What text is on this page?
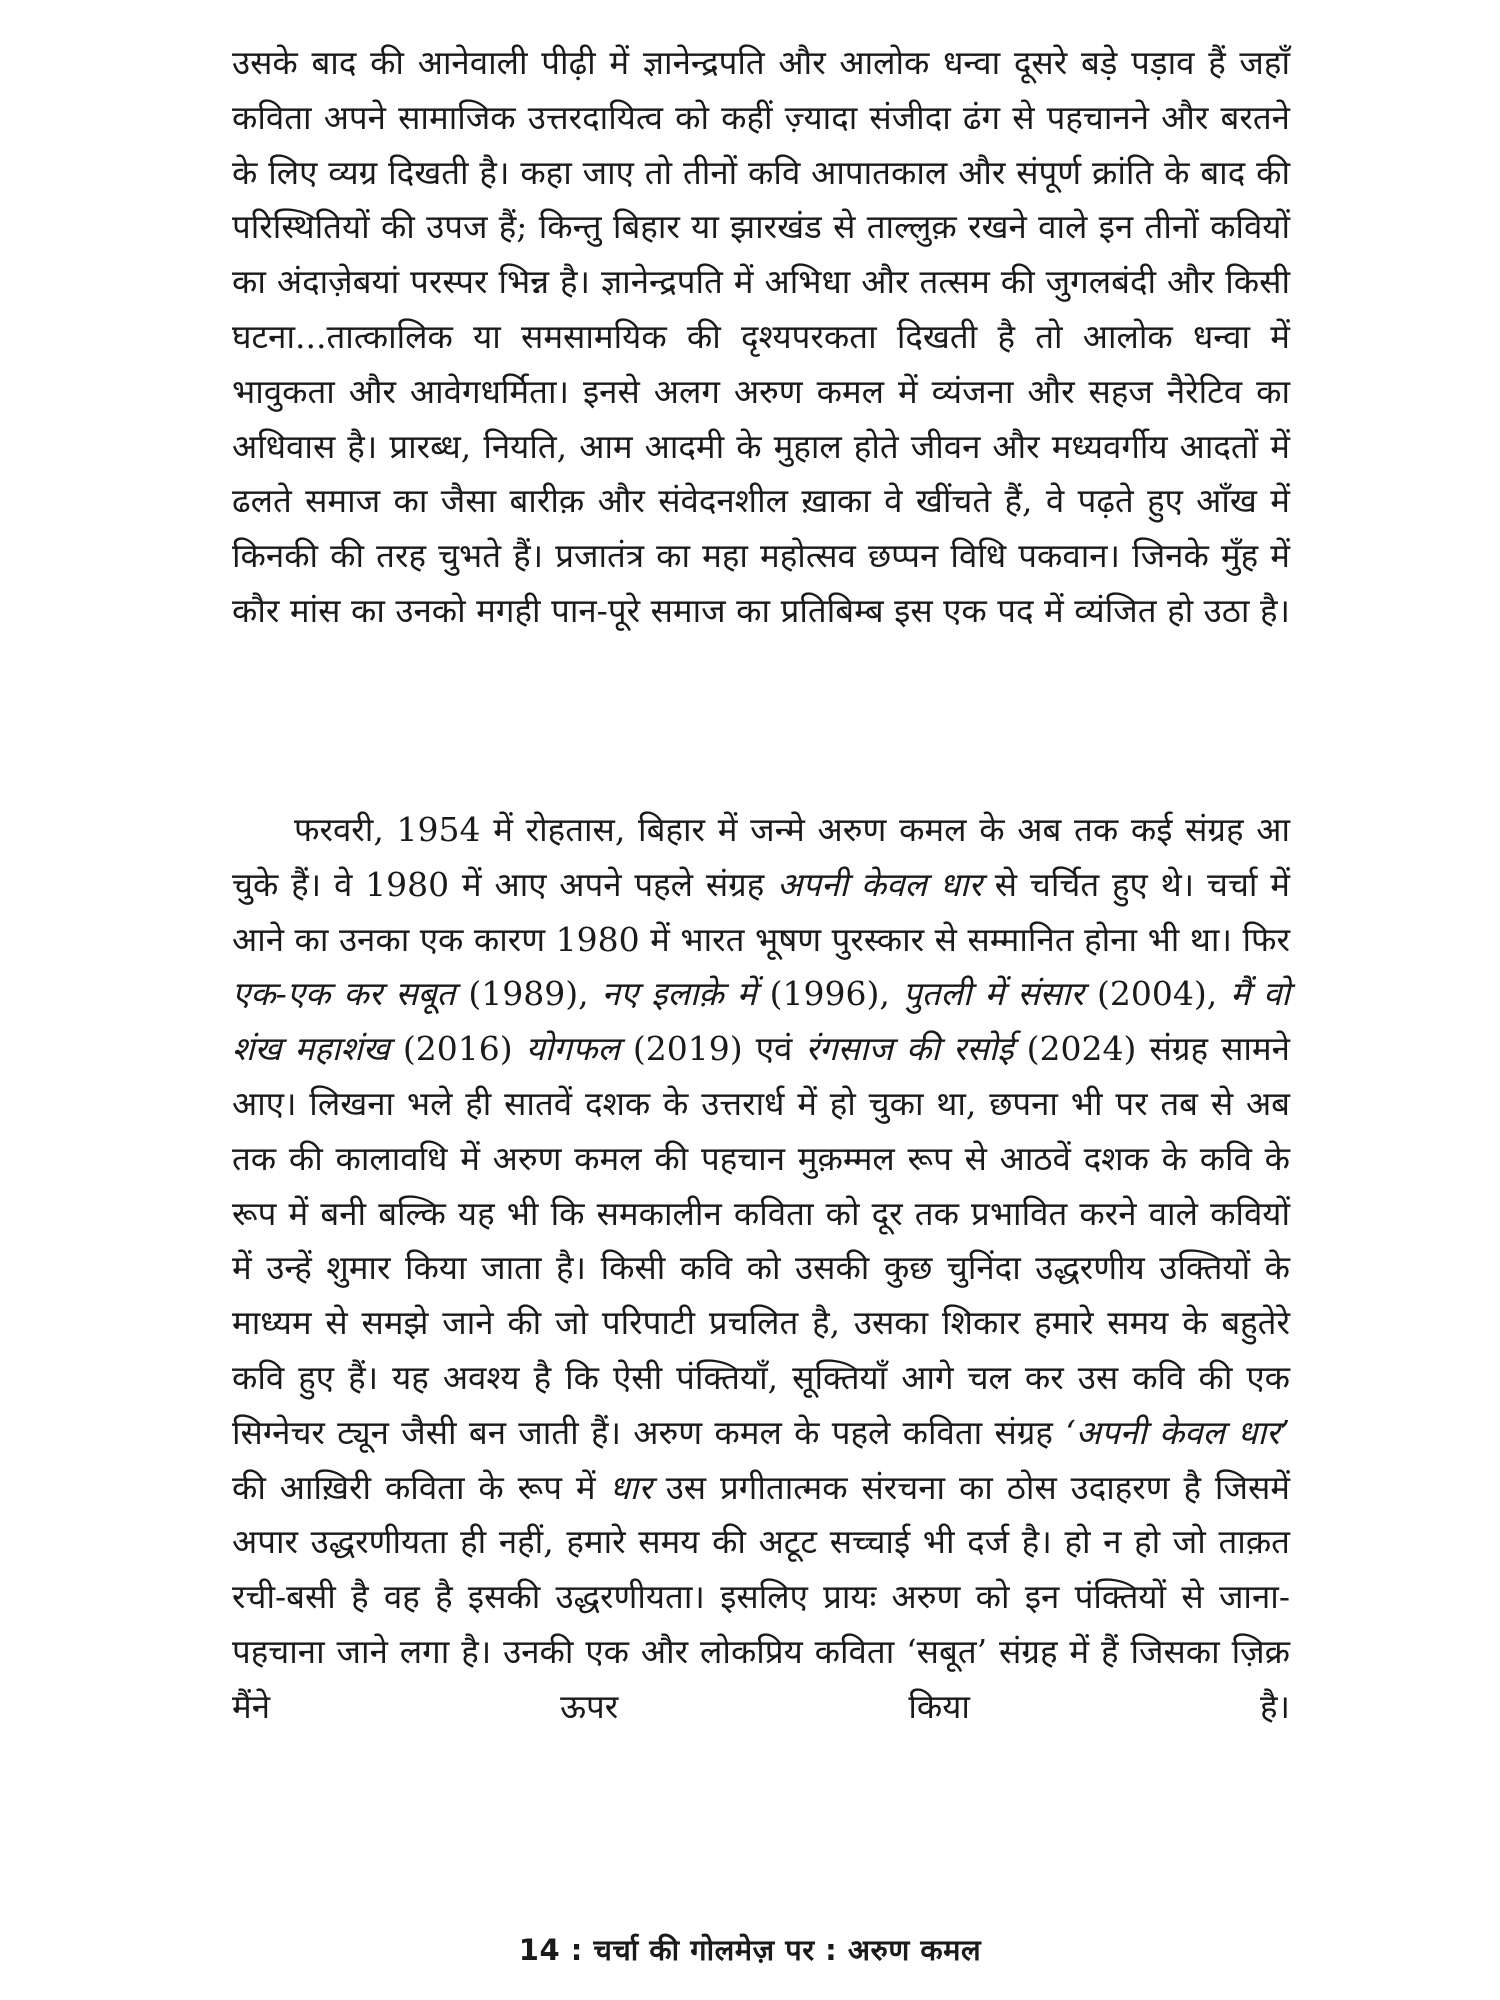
उसके बाद की आनेवाली पीढ़ी में ज्ञानेन्द्रपति और आलोक धन्वा दूसरे बड़े पड़ाव हैं जहाँ कविता अपने सामाजिक उत्तरदायित्व को कहीं ज़्यादा संजीदा ढंग से पहचानने और बरतने के लिए व्यग्र दिखती है। कहा जाए तो तीनों कवि आपातकाल और संपूर्ण क्रांति के बाद की परिस्थितियों की उपज हैं; किन्तु बिहार या झारखंड से ताल्लुक़ रखने वाले इन तीनों कवियों का अंदाज़ेबयां परस्पर भिन्न है। ज्ञानेन्द्रपति में अभिधा और तत्सम की जुगलबंदी और किसी घटना...तात्कालिक या समसामयिक की दृश्यपरकता दिखती है तो आलोक धन्वा में भावुकता और आवेगधर्मिता। इनसे अलग अरुण कमल में व्यंजना और सहज नैरेटिव का अधिवास है। प्रारब्ध, नियति, आम आदमी के मुहाल होते जीवन और मध्यवर्गीय आदतों में ढलते समाज का जैसा बारीक़ और संवेदनशील ख़ाका वे खींचते हैं, वे पढ़ते हुए आँख में किनकी की तरह चुभते हैं। प्रजातंत्र का महा महोत्सव छप्पन विधि पकवान। जिनके मुँह में कौर मांस का उनको मगही पान-पूरे समाज का प्रतिबिम्ब इस एक पद में व्यंजित हो उठा है।

फरवरी, 1954 में रोहतास, बिहार में जन्मे अरुण कमल के अब तक कई संग्रह आ चुके हैं। वे 1980 में आए अपने पहले संग्रह अपनी केवल धार से चर्चित हुए थे। चर्चा में आने का उनका एक कारण 1980 में भारत भूषण पुरस्कार से सम्मानित होना भी था। फिर एक-एक कर सबूत (1989), नए इलाक़े में (1996), पुतली में संसार (2004), मैं वो शंख महाशंख (2016) योगफल (2019) एवं रंगसाज की रसोई (2024) संग्रह सामने आए। लिखना भले ही सातवें दशक के उत्तरार्ध में हो चुका था, छपना भी पर तब से अब तक की कालावधि में अरुण कमल की पहचान मुक़म्मल रूप से आठवें दशक के कवि के रूप में बनी बल्कि यह भी कि समकालीन कविता को दूर तक प्रभावित करने वाले कवियों में उन्हें शुमार किया जाता है। किसी कवि को उसकी कुछ चुनिंदा उद्धरणीय उक्तियों के माध्यम से समझे जाने की जो परिपाटी प्रचलित है, उसका शिकार हमारे समय के बहुतेरे कवि हुए हैं। यह अवश्य है कि ऐसी पंक्तियाँ, सूक्तियाँ आगे चल कर उस कवि की एक सिग्नेचर ट्यून जैसी बन जाती हैं। अरुण कमल के पहले कविता संग्रह ‘अपनी केवल धार’ की आख़िरी कविता के रूप में धार उस प्रगीतात्मक संरचना का ठोस उदाहरण है जिसमें अपार उद्धरणीयता ही नहीं, हमारे समय की अटूट सच्चाई भी दर्ज है। हो न हो जो ताक़त रची-बसी है वह है इसकी उद्धरणीयता। इसलिए प्रायः अरुण को इन पंक्तियों से जाना-पहचाना जाने लगा है। उनकी एक और लोकप्रिय कविता ‘सबूत’ संग्रह में हैं जिसका ज़िक्र मैंने ऊपर किया है।

14 : चर्चा की गोलमेज़ पर : अरुण कमल
